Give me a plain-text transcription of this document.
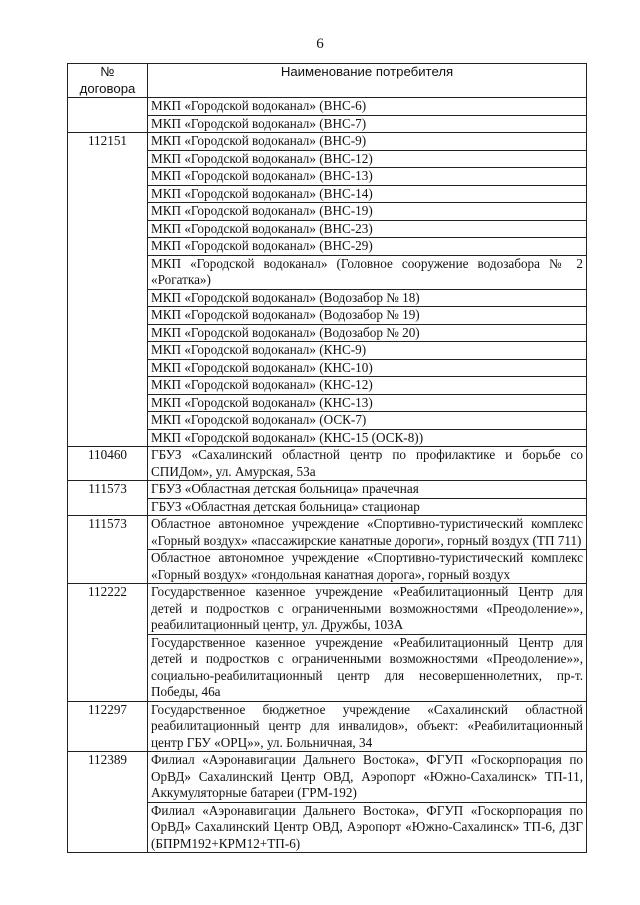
6
№ договора	Наименование потребителя
	МКП «Городской водоканал» (ВНС-6)
	МКП «Городской водоканал» (ВНС-7)
112151	МКП «Городской водоканал» (ВНС-9)
	МКП «Городской водоканал» (ВНС-12)
	МКП «Городской водоканал» (ВНС-13)
	МКП «Городской водоканал» (ВНС-14)
	МКП «Городской водоканал» (ВНС-19)
	МКП «Городской водоканал» (ВНС-23)
	МКП «Городской водоканал» (ВНС-29)
	МКП «Городской водоканал» (Головное сооружение водозабора № 2 «Рогатка»)
	МКП «Городской водоканал» (Водозабор № 18)
	МКП «Городской водоканал» (Водозабор № 19)
	МКП «Городской водоканал» (Водозабор № 20)
	МКП «Городской водоканал» (КНС-9)
	МКП «Городской водоканал» (КНС-10)
	МКП «Городской водоканал» (КНС-12)
	МКП «Городской водоканал» (КНС-13)
	МКП «Городской водоканал» (ОСК-7)
	МКП «Городской водоканал» (КНС-15 (ОСК-8))
110460	ГБУЗ «Сахалинский областной центр по профилактике и борьбе со СПИДом», ул. Амурская, 53а
111573	ГБУЗ «Областная детская больница» прачечная
	ГБУЗ «Областная детская больница» стационар
111573	Областное автономное учреждение «Спортивно-туристический комплекс «Горный воздух» «пассажирские канатные дороги», горный воздух (ТП 711)
	Областное автономное учреждение «Спортивно-туристический комплекс «Горный воздух» «гондольная канатная дорога», горный воздух
112222	Государственное казенное учреждение «Реабилитационный Центр для детей и подростков с ограниченными возможностями «Преодоление»», реабилитационный центр, ул. Дружбы, 103А
	Государственное казенное учреждение «Реабилитационный Центр для детей и подростков с ограниченными возможностями «Преодоление»», социально-реабилитационный центр для несовершеннолетних, пр-т. Победы, 46а
112297	Государственное бюджетное учреждение «Сахалинский областной реабилитационный центр для инвалидов», объект: «Реабилитационный центр ГБУ «ОРЦ»», ул. Больничная, 34
112389	Филиал «Аэронавигации Дальнего Востока», ФГУП «Госкорпорация по ОрВД» Сахалинский Центр ОВД, Аэропорт «Южно-Сахалинск» ТП-11, Аккумуляторные батареи (ГРМ-192)
	Филиал «Аэронавигации Дальнего Востока», ФГУП «Госкорпорация по ОрВД» Сахалинский Центр ОВД, Аэропорт «Южно-Сахалинск» ТП-6, ДЗГ (БПРМ192+КРМ12+ТП-6)
